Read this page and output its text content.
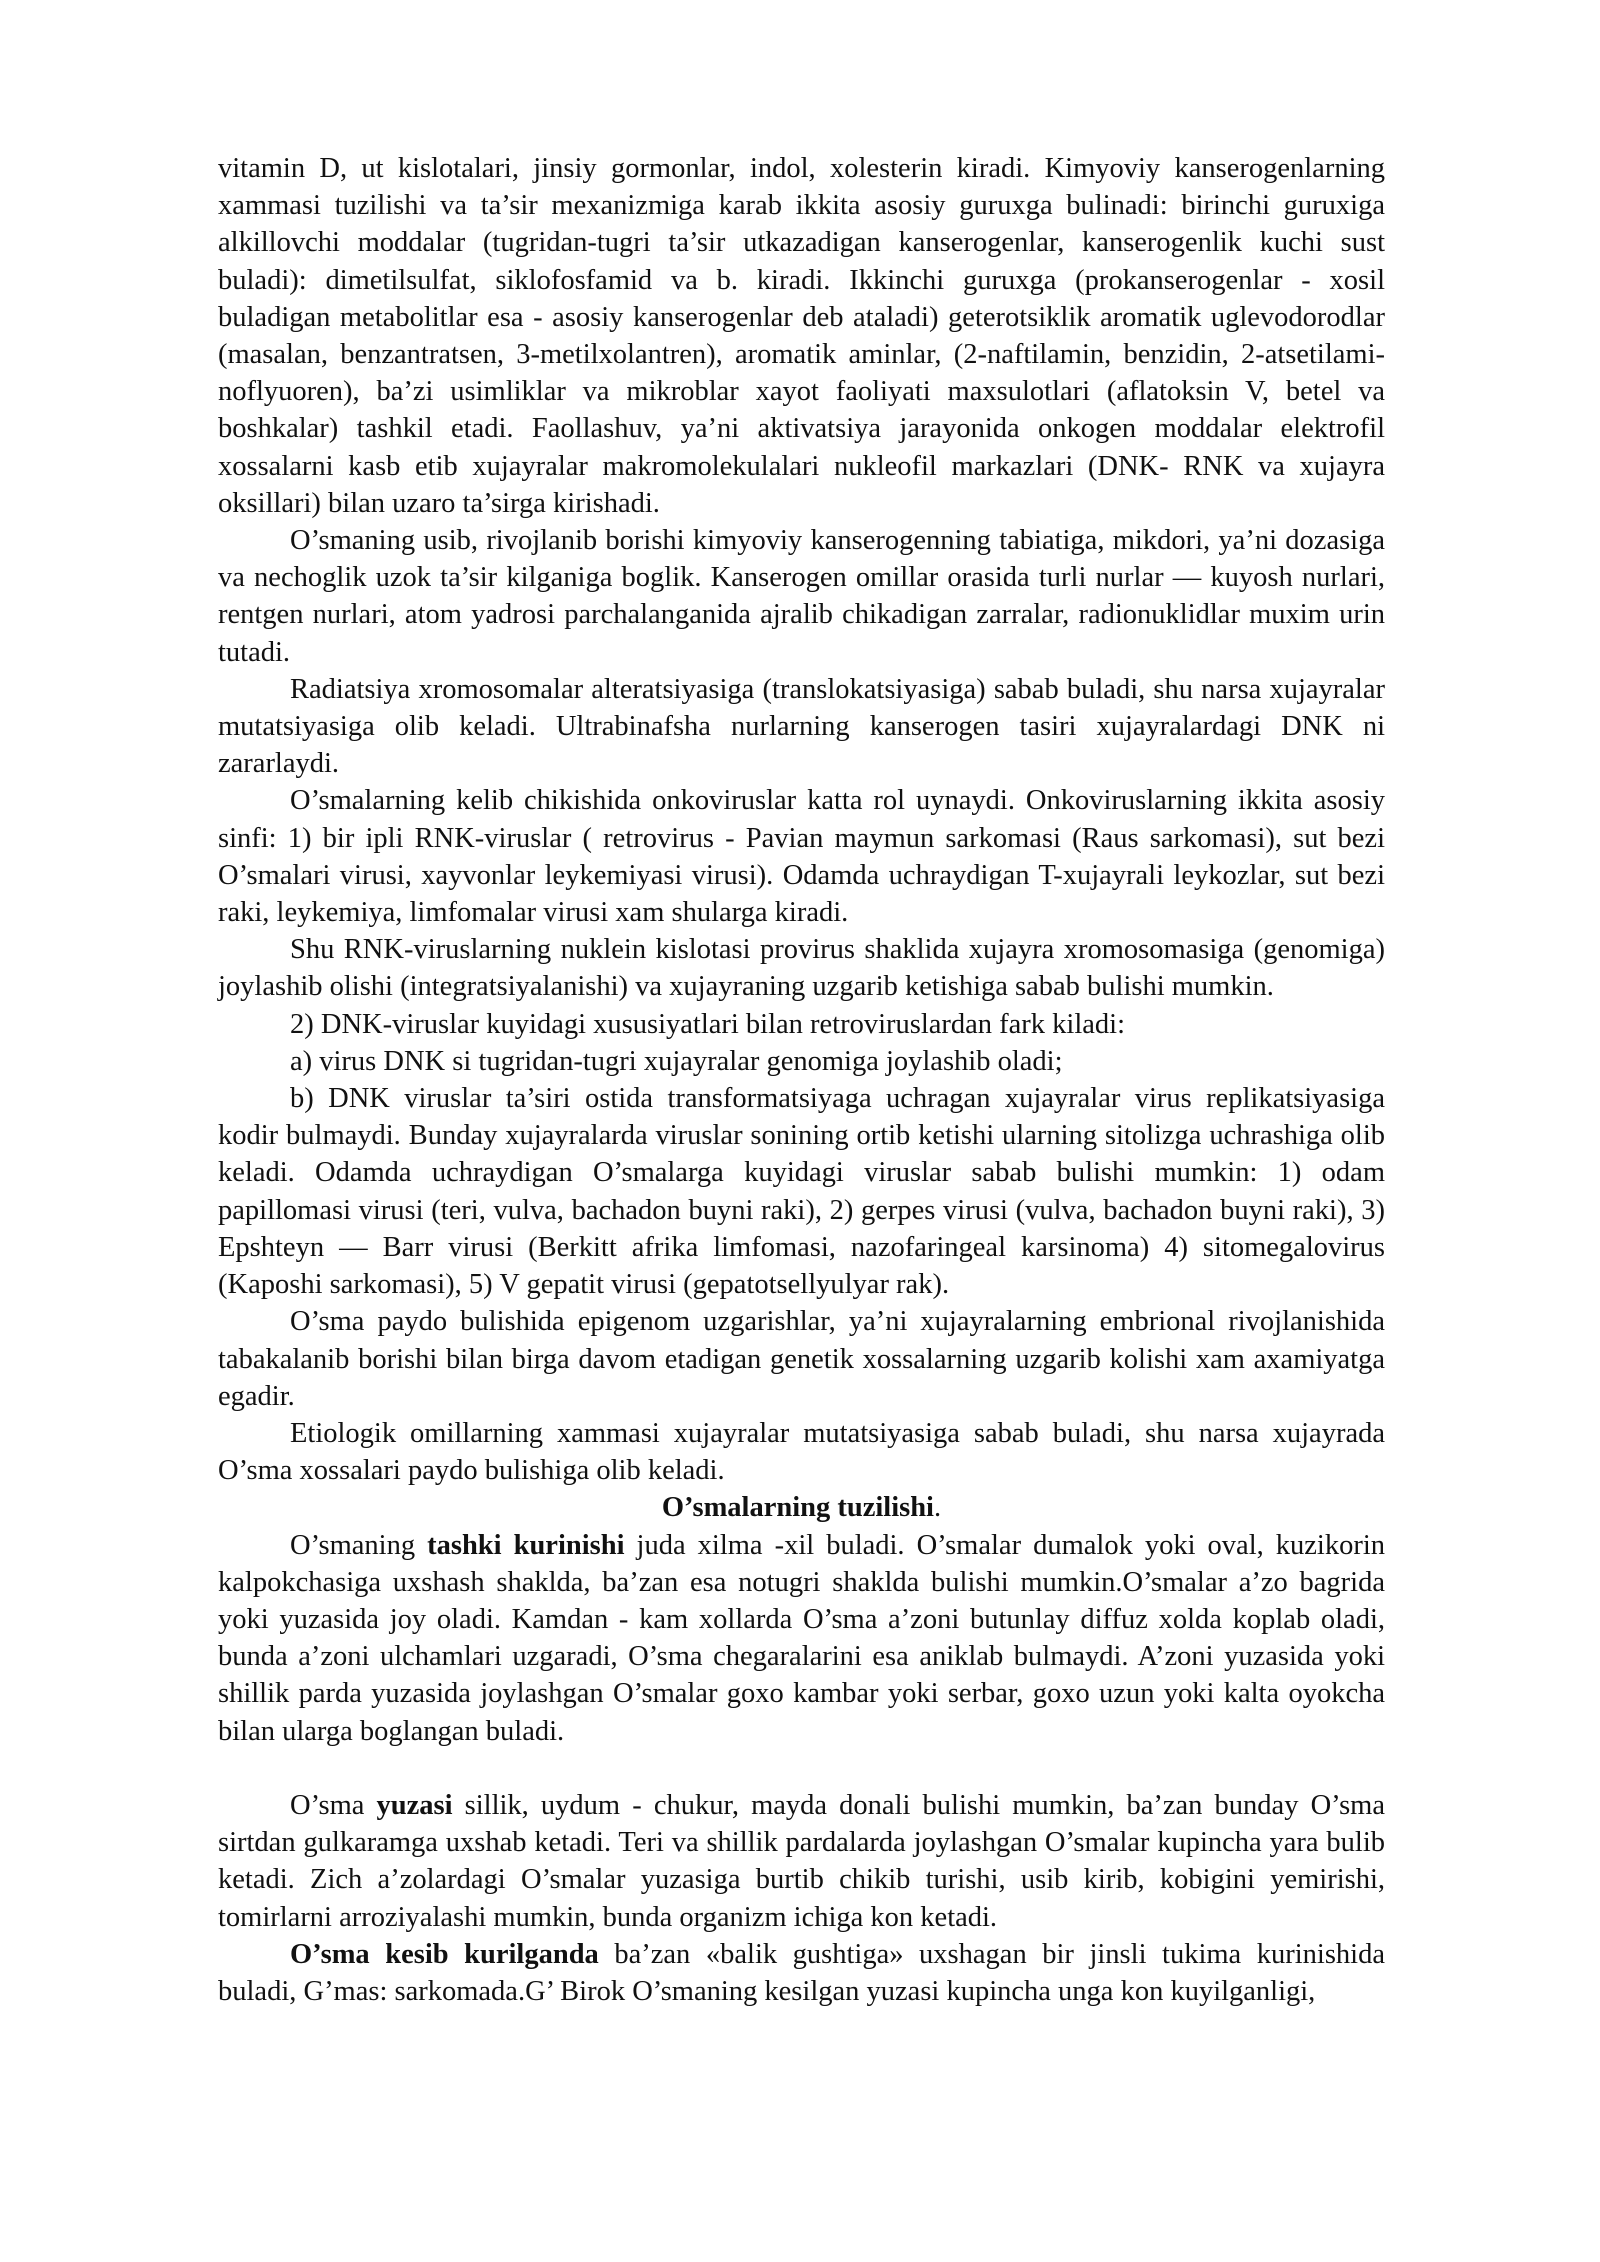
vitamin D, ut kislotalari, jinsiy gormonlar, indol, xolesterin kiradi. Kimyoviy kanserogenlarning xammasi tuzilishi va ta’sir mexanizmiga karab ikkita asosiy guruxga bulinadi: birinchi guruxiga alkillovchi moddalar (tugridan-tugri ta’sir utkazadigan kanserogenlar, kanserogenlik kuchi sust buladi): dimetilsulfat, siklofosfamid va b. kiradi. Ikkinchi guruxga (prokanserogenlar - xosil buladigan metabolitlar esa - asosiy kanserogenlar deb ataladi) geterotsiklik aromatik uglevodorodlar (masalan, benzantratsen, 3-metilxolantren), aromatik aminlar, (2-naftilamin, benzidin, 2-atsetilami-noflyuoren), ba’zi usimliklar va mikroblar xayot faoliyati maxsulotlari (aflatoksin V, betel va boshkalar) tashkil etadi. Faollashuv, ya’ni aktivatsiya jarayonida onkogen moddalar elektrofil xossalarni kasb etib xujayralar makromolekulalari nukleofil markazlari (DNK- RNK va xujayra oksillari) bilan uzaro ta’sirga kirishadi.

O’smaning usib, rivojlanib borishi kimyoviy kanserogenning tabiatiga, mikdori, ya’ni dozasiga va nechoglik uzok ta’sir kilganiga boglik. Kanserogen omillar orasida turli nurlar — kuyosh nurlari, rentgen nurlari, atom yadrosi parchalanganida ajralib chikadigan zarralar, radionuklidlar muxim urin tutadi.

Radiatsiya xromosomalar alteratsiyasiga (translokatsiyasiga) sabab buladi, shu narsa xujayralar mutatsiyasiga olib keladi. Ultrabinafsha nurlarning kanserogen tasiri xujayralardagi DNK ni zararlaydi.

O’smalarning kelib chikishida onkoviruslar katta rol uynaydi. Onkoviruslarning ikkita asosiy sinfi: 1) bir ipli RNK-viruslar ( retrovirus - Pavian maymun sarkomasi (Raus sarkomasi), sut bezi O’smalari virusi, xayvonlar leykemiyasi virusi). Odamda uchraydigan T-xujayrali leykozlar, sut bezi raki, leykemiya, limfomalar virusi xam shularga kiradi.

Shu RNK-viruslarning nuklein kislotasi provirus shaklida xujayra xromosomasiga (genomiga) joylashib olishi (integratsiyalanishi) va xujayraning uzgarib ketishiga sabab bulishi mumkin.

2) DNK-viruslar kuyidagi xususiyatlari bilan retroviruslardan fark kiladi:

a) virus DNK si tugridan-tugri xujayralar genomiga joylashib oladi;

b) DNK viruslar ta’siri ostida transformatsiyaga uchragan xujayralar virus replikatsiyasiga kodir bulmaydi. Bunday xujayralarda viruslar sonining ortib ketishi ularning sitolizga uchrashiga olib keladi. Odamda uchraydigan O’smalarga kuyidagi viruslar sabab bulishi mumkin: 1) odam papillomasi virusi (teri, vulva, bachadon buyni raki), 2) gerpes virusi (vulva, bachadon buyni raki), 3) Epshteyn — Barr virusi (Berkitt afrika limfomasi, nazofaringeal karsinoma) 4) sitomegalovirus (Kaposhi sarkomasi), 5) V gepatit virusi (gepatotsellyulyar rak).

O’sma paydo bulishida epigenom uzgarishlar, ya’ni xujayralarning embrional rivojlanishida tabakalanib borishi bilan birga davom etadigan genetik xossalarning uzgarib kolishi xam axamiyatga egadir.

Etiologik omillarning xammasi xujayralar mutatsiyasiga sabab buladi, shu narsa xujayrada O’sma xossalari paydo bulishiga olib keladi.

O’smalarning tuzilishi.

O’smaning tashki kurinishi juda xilma -xil buladi. O’smalar dumalok yoki oval, kuzikorin kalpokchasiga uxshash shaklda, ba’zan esa notugri shaklda bulishi mumkin.O’smalar a’zo bagrida yoki yuzasida joy oladi. Kamdan - kam xollarda O’sma a’zoni butunlay diffuz xolda koplab oladi, bunda a’zoni ulchamlari uzgaradi, O’sma chegaralarini esa aniklab bulmaydi. A’zoni yuzasida yoki shillik parda yuzasida joylashgan O’smalar goxo kambar yoki serbar, goxo uzun yoki kalta oyokcha bilan ularga boglangan buladi.

O’sma yuzasi sillik, uydum - chukur, mayda donali bulishi mumkin, ba’zan bunday O’sma sirtdan gulkaramga uxshab ketadi. Teri va shillik pardalarda joylashgan O’smalar kupincha yara bulib ketadi. Zich a’zolardagi O’smalar yuzasiga burtib chikib turishi, usib kirib, kobigini yemirishi, tomirlarni arroziyalashi mumkin, bunda organizm ichiga kon ketadi.

O’sma kesib kurilganda ba’zan «balik gushtiga» uxshagan bir jinsli tukima kurinishida buladi, G’mas: sarkomada.G’ Birok O’smaning kesilgan yuzasi kupincha unga kon kuyilganligi,
